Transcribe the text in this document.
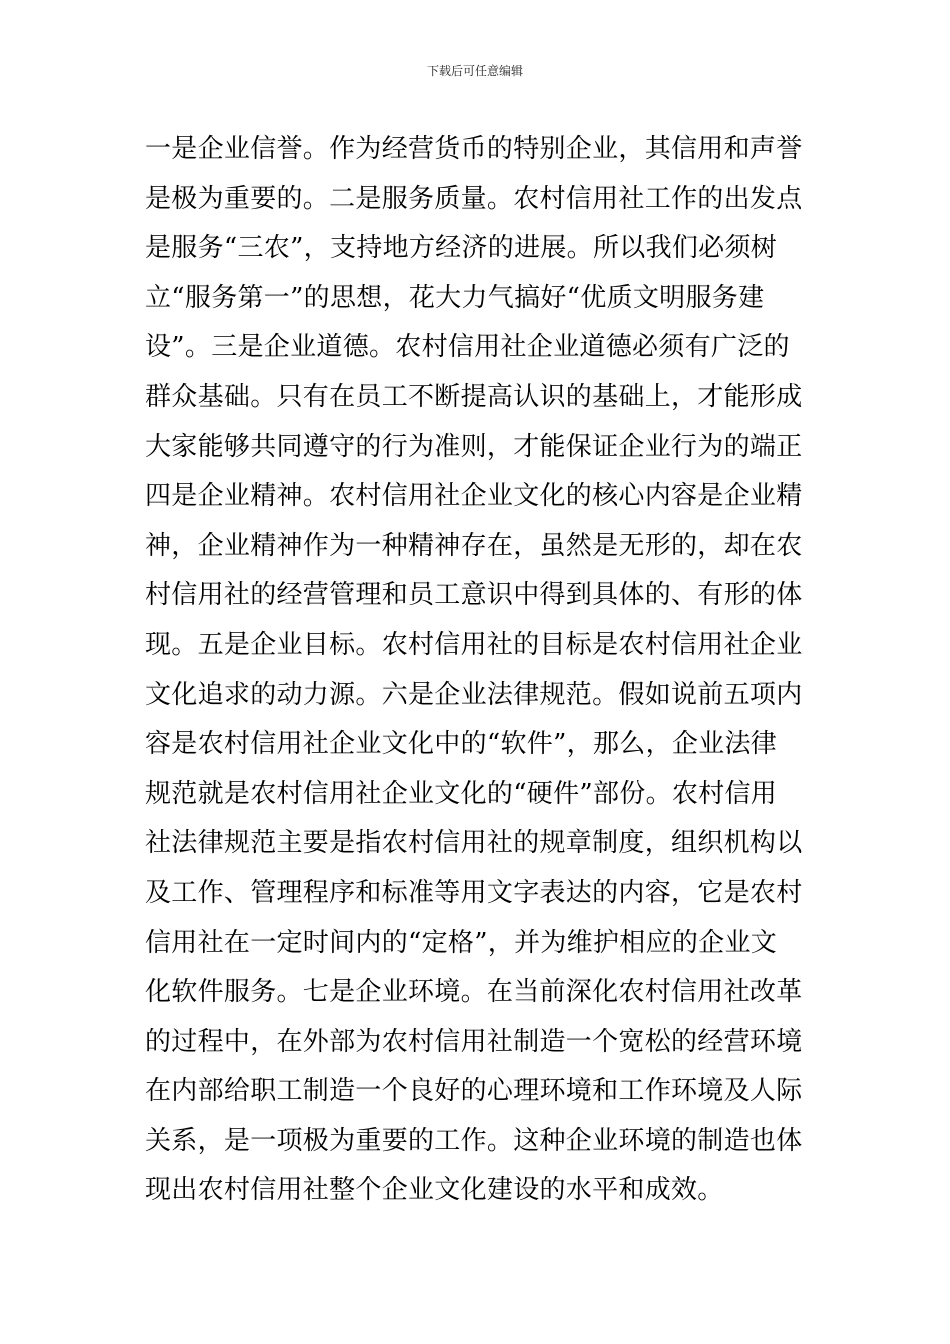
下载后可任意编辑
一是企业信誉。作为经营货币的特别企业，其信用和声誉
是极为重要的。二是服务质量。农村信用社工作的出发点
是服务“三农”，支持地方经济的进展。所以我们必须树
立“服务第一”的思想，花大力气搞好“优质文明服务建
设”。三是企业道德。农村信用社企业道德必须有广泛的
群众基础。只有在员工不断提高认识的基础上，才能形成
大家能够共同遵守的行为准则，才能保证企业行为的端正
四是企业精神。农村信用社企业文化的核心内容是企业精
神，企业精神作为一种精神存在，虽然是无形的，却在农
村信用社的经营管理和员工意识中得到具体的、有形的体
现。五是企业目标。农村信用社的目标是农村信用社企业
文化追求的动力源。六是企业法律规范。假如说前五项内
容是农村信用社企业文化中的“软件”，那么，企业法律
规范就是农村信用社企业文化的“硬件”部份。农村信用
社法律规范主要是指农村信用社的规章制度，组织机构以
及工作、管理程序和标准等用文字表达的内容，它是农村
信用社在一定时间内的“定格”，并为维护相应的企业文
化软件服务。七是企业环境。在当前深化农村信用社改革
的过程中，在外部为农村信用社制造一个宽松的经营环境
在内部给职工制造一个良好的心理环境和工作环境及人际
关系，是一项极为重要的工作。这种企业环境的制造也体
现出农村信用社整个企业文化建设的水平和成效。
